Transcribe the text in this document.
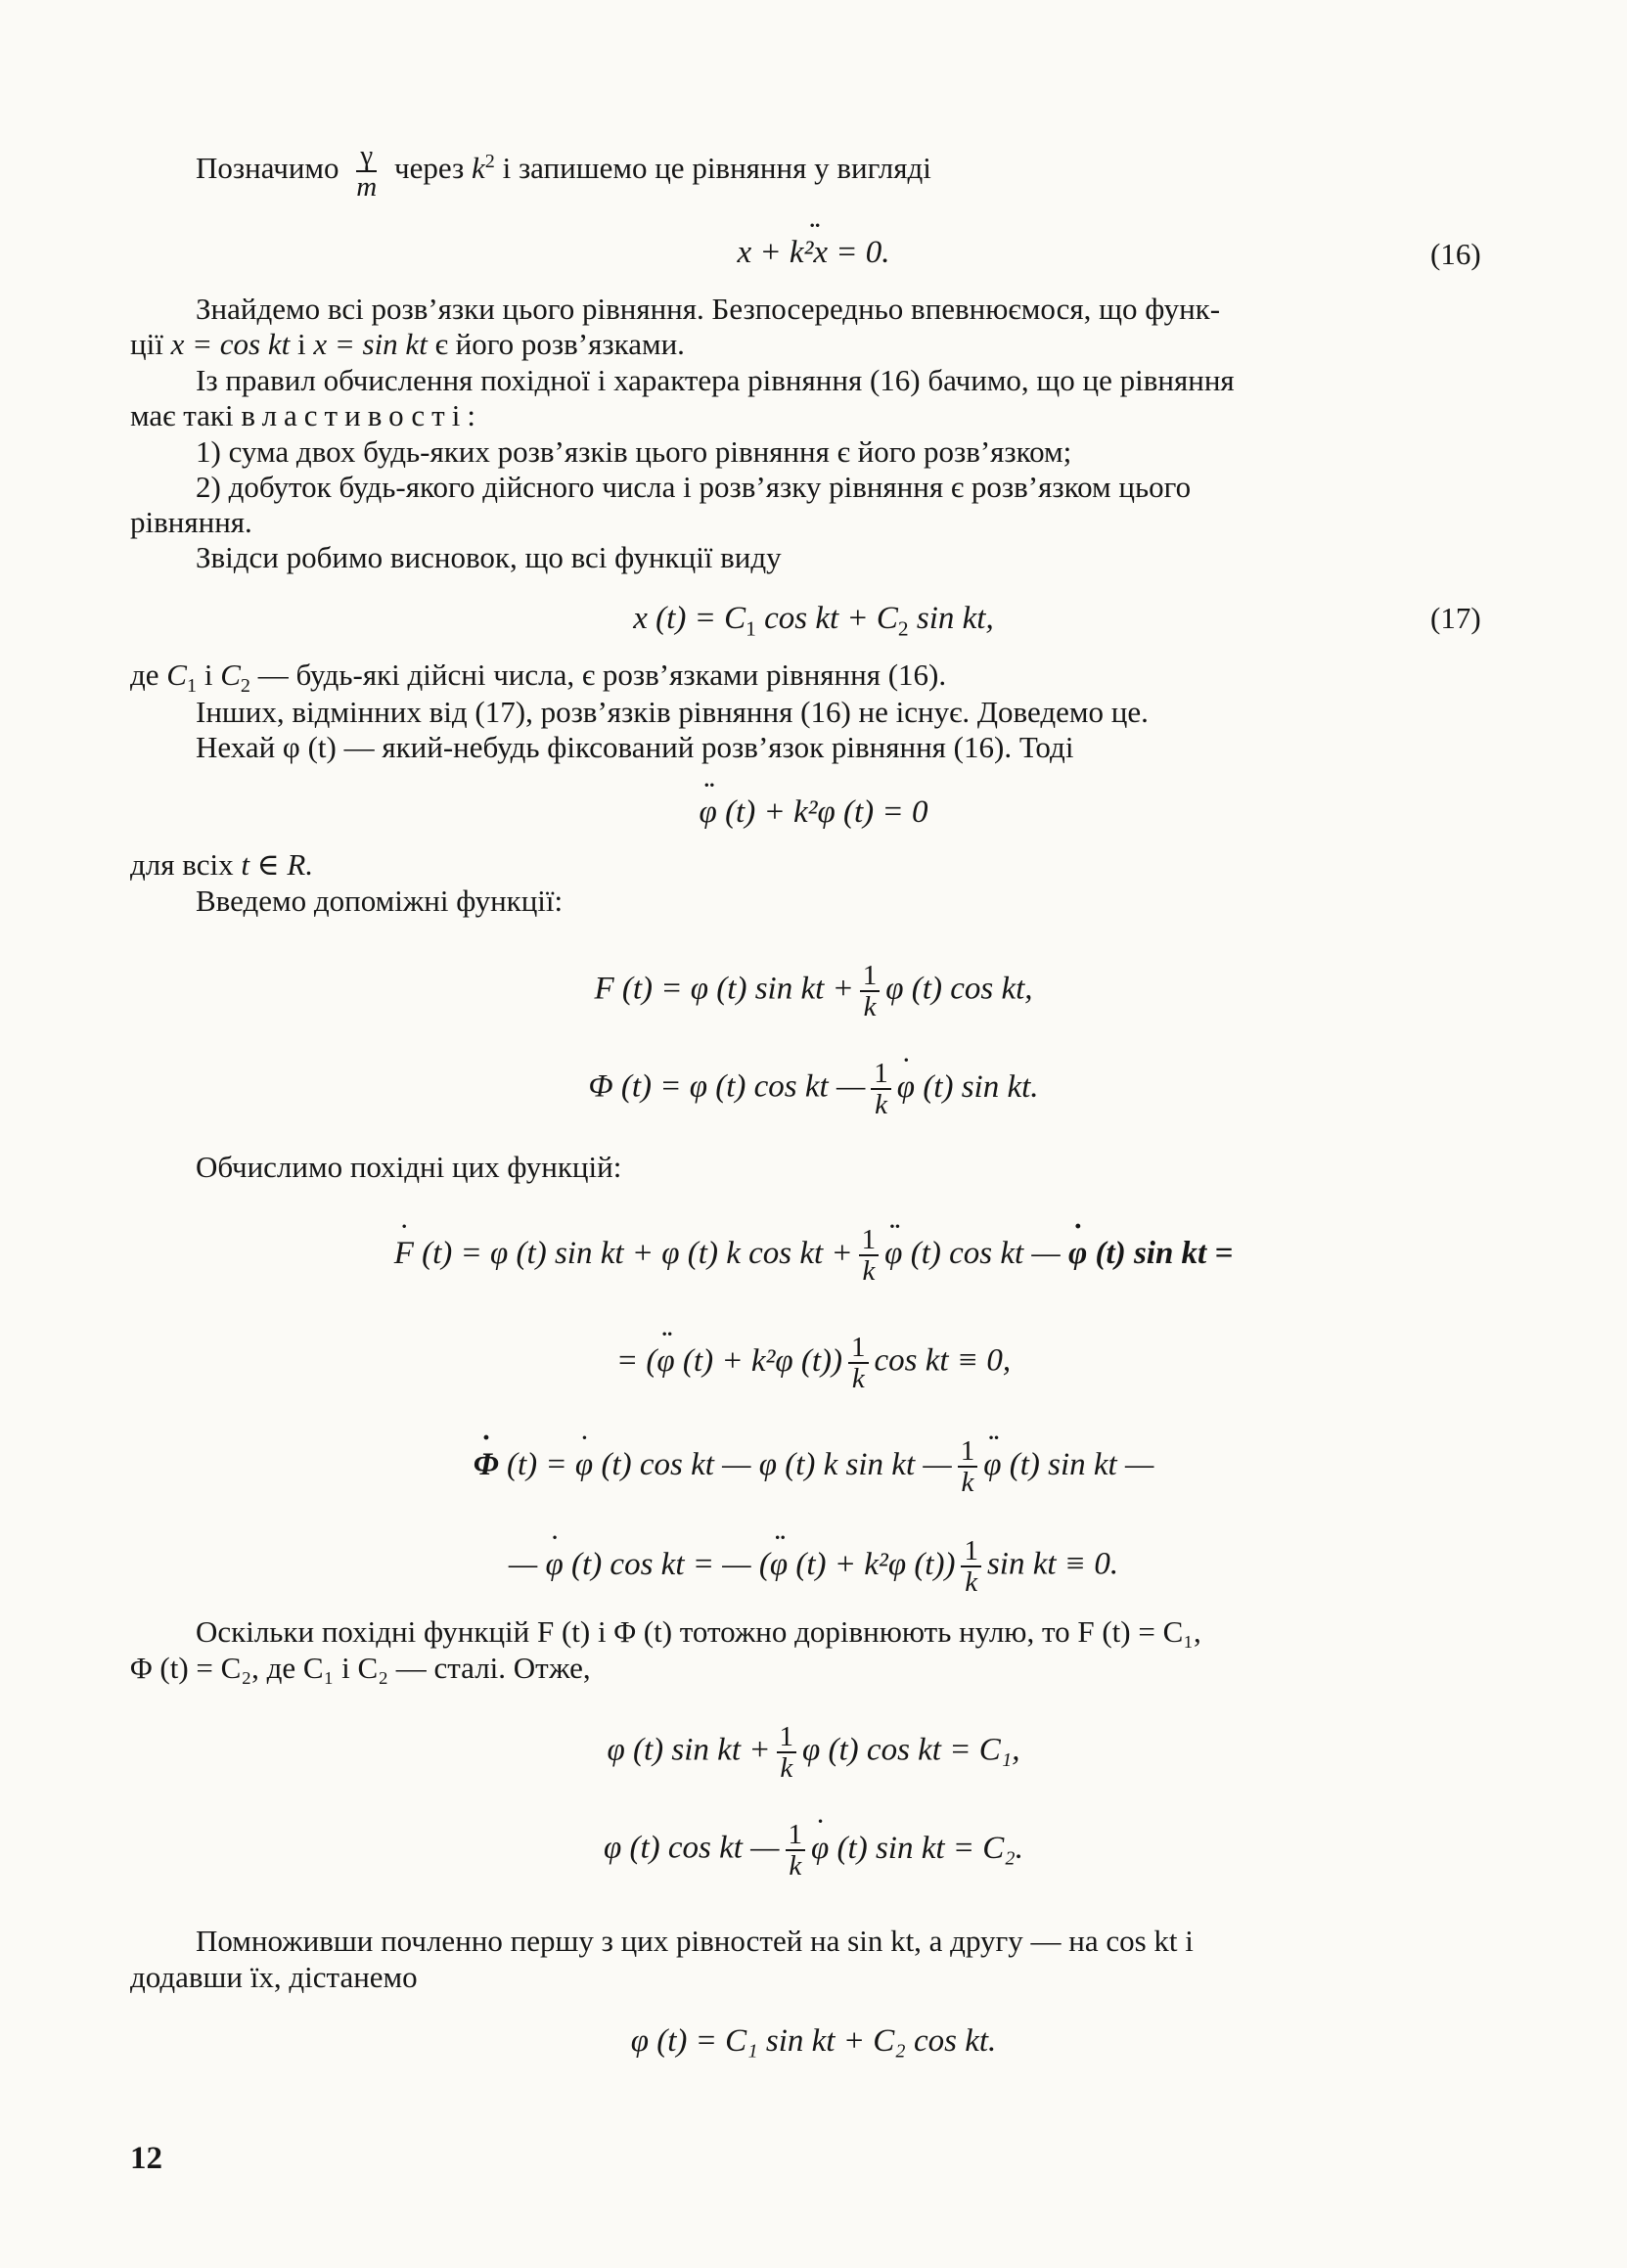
Позначимо $\frac{\gamma}{m}$ через $k^2$ і запишемо це рівняння у вигляді
·· x + k²x = 0.	(16)
Знайдемо всі розв’язки цього рівняння. Безпосередньо впевнюємося, що функ-
ції x = cos kt і x = sin kt є його розв’язками.
Із правил обчислення похідної і характера рівняння (16) бачимо, що це рівняння
має такі властивості:
1) сума двох будь-яких розв’язків цього рівняння є його розв’язком;
2) добуток будь-якого дійсного числа і розв’язку рівняння є розв’язком цього
рівняння.
Звідси робимо висновок, що всі функції виду
x $(t) = C_1$ cos kt + $C_2$ sin kt,	(17)
де $C_1$ і $C_2$ — будь-які дійсні числа, є розв’язками рівняння (16).
Інших, відмінних від (17), розв’язків рівняння (16) не існує. Доведемо це.
Нехай φ (t) — який-небудь фіксований розв’язок рівняння (16). Тоді
·· φ (t) + k²φ (t) = 0
для всіх t ∈ R.
Введемо допоміжні функції:
F (t) = φ (t) sin kt + $\frac{1}{k}$ φ (t) cos kt,
Φ (t) = φ (t) cos kt — $\frac{1}{k} \cdot \varphi$ (t) sin kt.
Обчислимо похідні цих функцій:
· F (t) = φ (t) sin kt + φ (t) k cos kt + $\frac{1}{k} \cdot\cdot \varphi$ (t) cos kt — · φ (t) sin kt =
= (·· φ (t) + k²φ $(t)) \frac{1}{k}$ cos kt ≡ 0,
· Φ (t) = · φ (t) cos kt — φ (t) k sin kt — $\frac{1}{k} \cdot\cdot \varphi$ (t) sin kt —
— · φ (t) cos kt = — (·· φ (t) + k²φ $(t)) \frac{1}{k}$ sin kt ≡ 0.
Оскільки похідні функцій F (t) і Φ (t) тотожно дорівнюють нулю, то F (t) = C₁,
Φ (t) = C₂, де C₁ і C₂ — сталі. Отже,
φ (t) sin kt + $\frac{1}{k}$ φ (t) cos kt = C₁,
φ (t) cos kt — $\frac{1}{k} \cdot \varphi$ (t) sin kt = C₂.
Помноживши почленно першу з цих рівностей на sin kt, а другу — на cos kt і
додавши їх, дістанемо
φ (t) = C₁ sin kt + C₂ cos kt.
12
